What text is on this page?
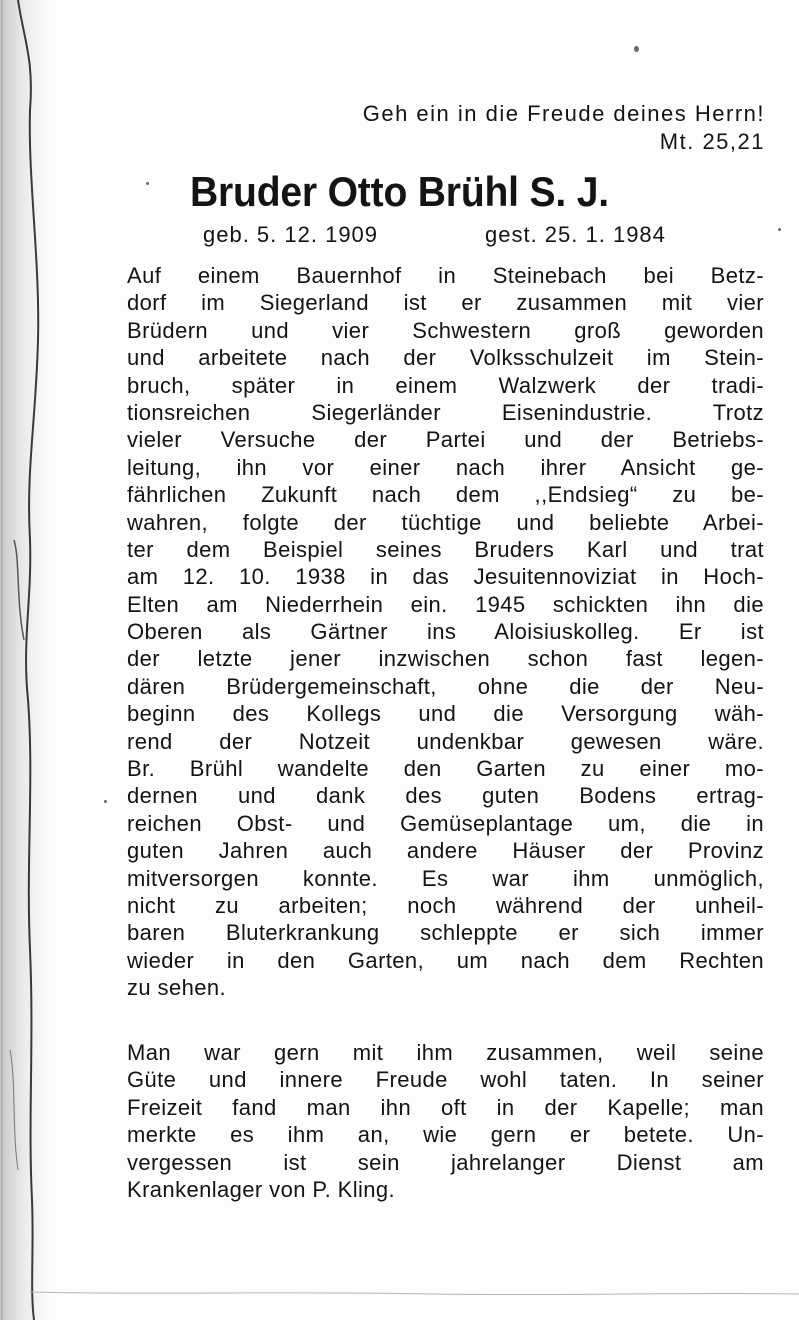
Geh ein in die Freude deines Herrn!
Mt. 25,21
Bruder Otto Brühl S. J.
geb. 5. 12. 1909	gest. 25. 1. 1984
Auf einem Bauernhof in Steinebach bei Betz-
dorf im Siegerland ist er zusammen mit vier
Brüdern und vier Schwestern groß geworden
und arbeitete nach der Volksschulzeit im Stein-
bruch, später in einem Walzwerk der tradi-
tionsreichen Siegerländer Eisenindustrie. Trotz
vieler Versuche der Partei und der Betriebs-
leitung, ihn vor einer nach ihrer Ansicht ge-
fährlichen Zukunft nach dem ,,Endsieg“ zu be-
wahren, folgte der tüchtige und beliebte Arbei-
ter dem Beispiel seines Bruders Karl und trat
am 12. 10. 1938 in das Jesuitennoviziat in Hoch-
Elten am Niederrhein ein. 1945 schickten ihn die
Oberen als Gärtner ins Aloisiuskolleg. Er ist
der letzte jener inzwischen schon fast legen-
dären Brüdergemeinschaft, ohne die der Neu-
beginn des Kollegs und die Versorgung wäh-
rend der Notzeit undenkbar gewesen wäre.
Br. Brühl wandelte den Garten zu einer mo-
dernen und dank des guten Bodens ertrag-
reichen Obst- und Gemüseplantage um, die in
guten Jahren auch andere Häuser der Provinz
mitversorgen konnte. Es war ihm unmöglich,
nicht zu arbeiten; noch während der unheil-
baren Bluterkrankung schleppte er sich immer
wieder in den Garten, um nach dem Rechten
zu sehen.
Man war gern mit ihm zusammen, weil seine
Güte und innere Freude wohl taten. In seiner
Freizeit fand man ihn oft in der Kapelle; man
merkte es ihm an, wie gern er betete. Un-
vergessen ist sein jahrelanger Dienst am
Krankenlager von P. Kling.
